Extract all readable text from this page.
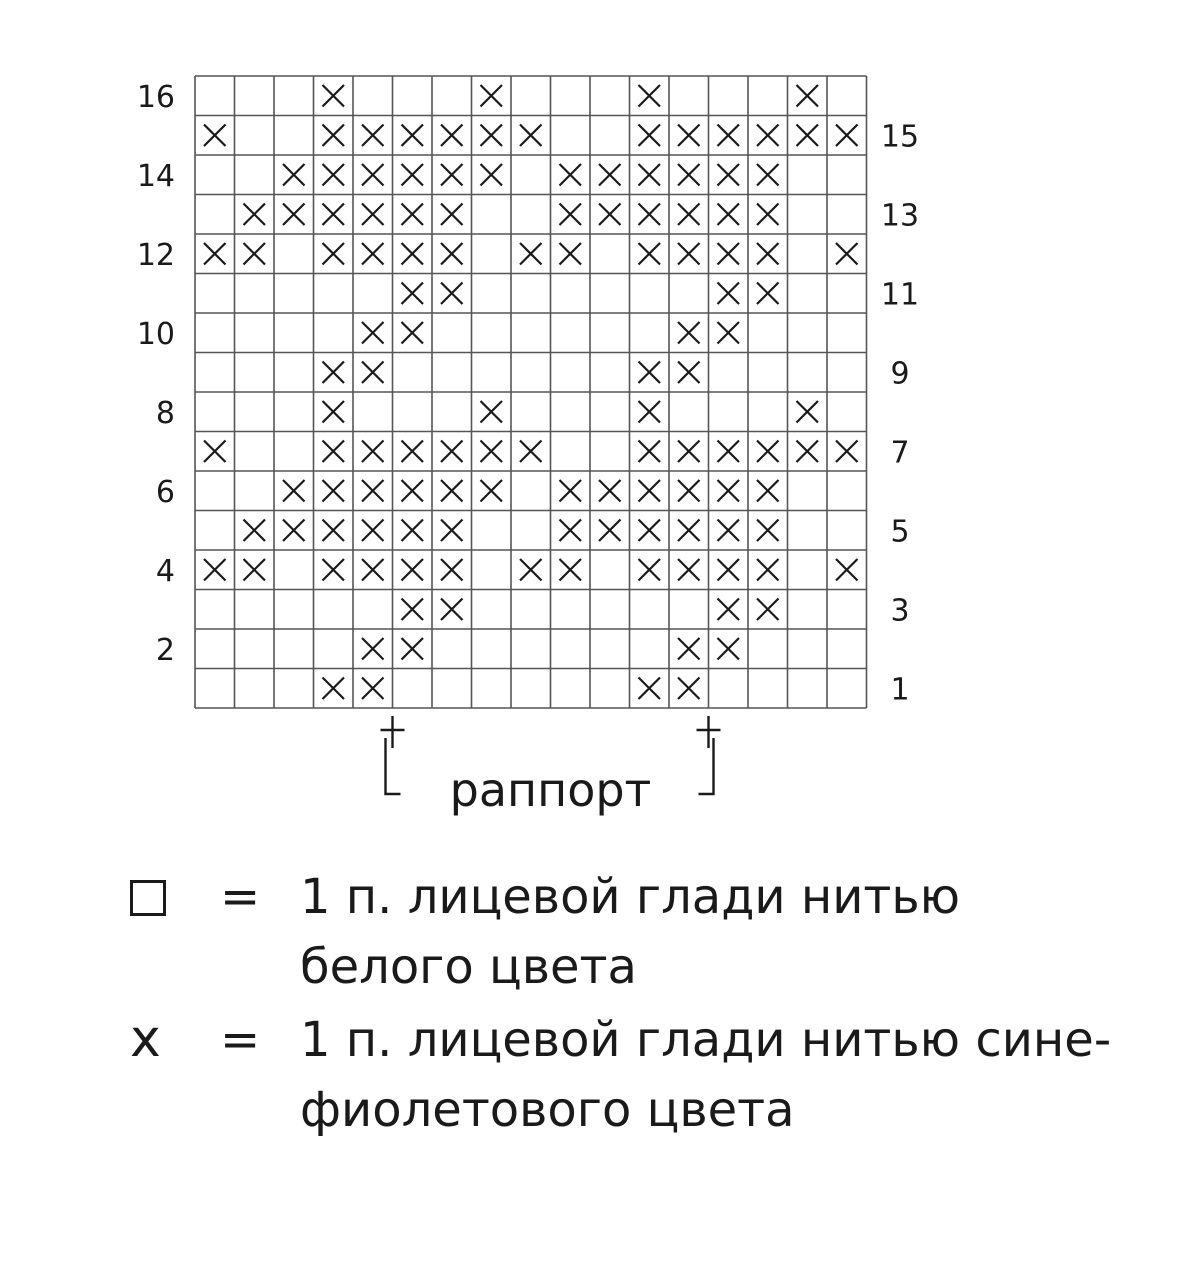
1
2
3
4
5
6
7
8
9
10
11
12
13
14
15
16
раппорт
= 1 п. лицевой глади нитью белого цвета
x	= 1 п. лицевой глади нитью сине-фиолетового цвета
